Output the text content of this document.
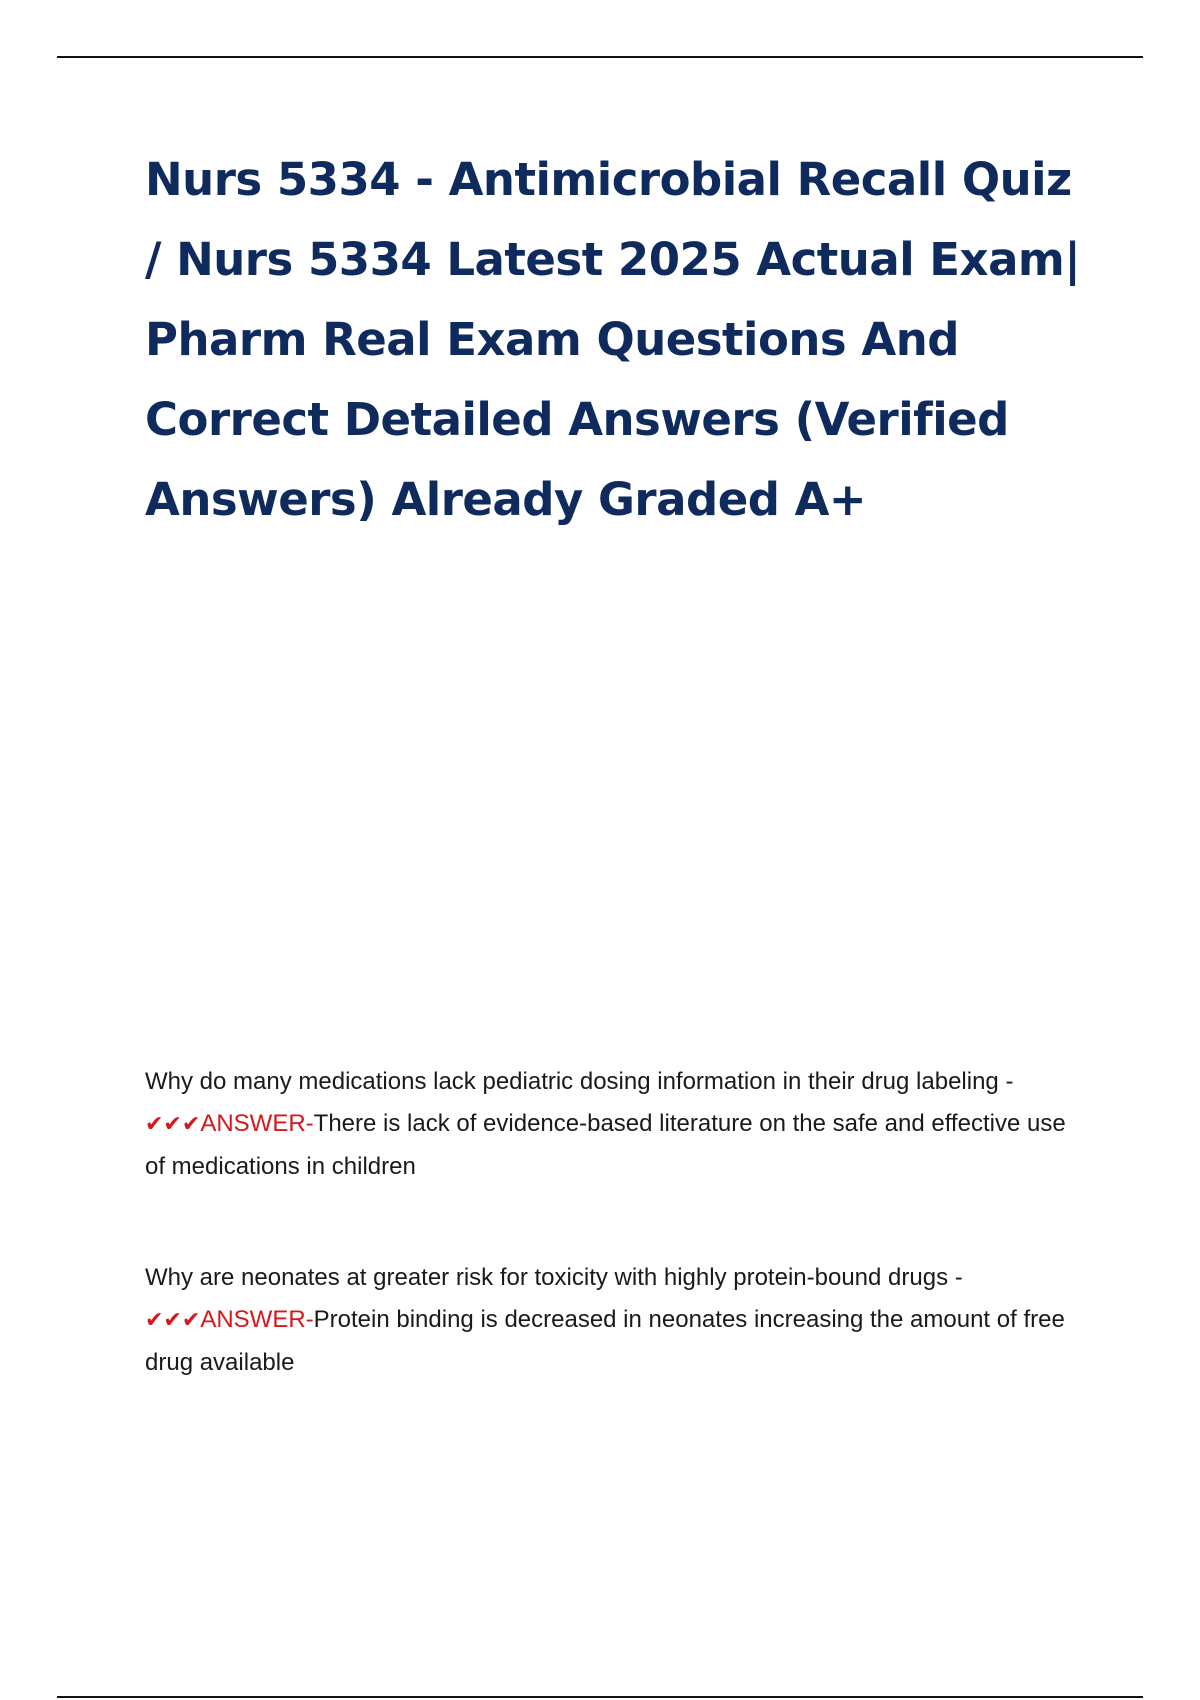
Nurs 5334 - Antimicrobial Recall Quiz / Nurs 5334 Latest 2025 Actual Exam| Pharm Real Exam Questions And Correct Detailed Answers (Verified Answers) Already Graded A+
Why do many medications lack pediatric dosing information in their drug labeling - ✔✔✔ANSWER-There is lack of evidence-based literature on the safe and effective use of medications in children
Why are neonates at greater risk for toxicity with highly protein-bound drugs - ✔✔✔ANSWER-Protein binding is decreased in neonates increasing the amount of free drug available
